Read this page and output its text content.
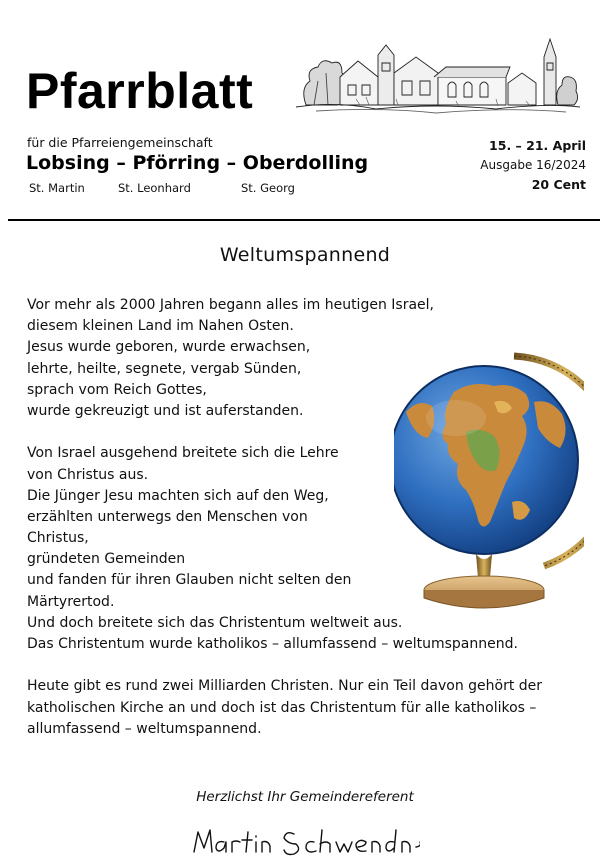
Pfarrblatt
für die Pfarreiengemeinschaft
Lobsing – Pförring – Oberdolling
St. Martin	St. Leonhard	St. Georg
15. – 21. April
Ausgabe 16/2024
20 Cent
Weltumspannend
Vor mehr als 2000 Jahren begann alles im heutigen Israel,
diesem kleinen Land im Nahen Osten.
Jesus wurde geboren, wurde erwachsen,
lehrte, heilte, segnete, vergab Sünden,
sprach vom Reich Gottes,
wurde gekreuzigt und ist auferstanden.
Von Israel ausgehend breitete sich die Lehre
von Christus aus.
Die Jünger Jesu machten sich auf den Weg,
erzählten unterwegs den Menschen von
Christus,
gründeten Gemeinden
und fanden für ihren Glauben nicht selten den
Märtyrertod.
Und doch breitete sich das Christentum weltweit aus.
Das Christentum wurde katholikos – allumfassend – weltumspannend.
Heute gibt es rund zwei Milliarden Christen. Nur ein Teil davon gehört der
katholischen Kirche an und doch ist das Christentum für alle katholikos –
allumfassend – weltumspannend.
Herzlichst Ihr Gemeindereferent
